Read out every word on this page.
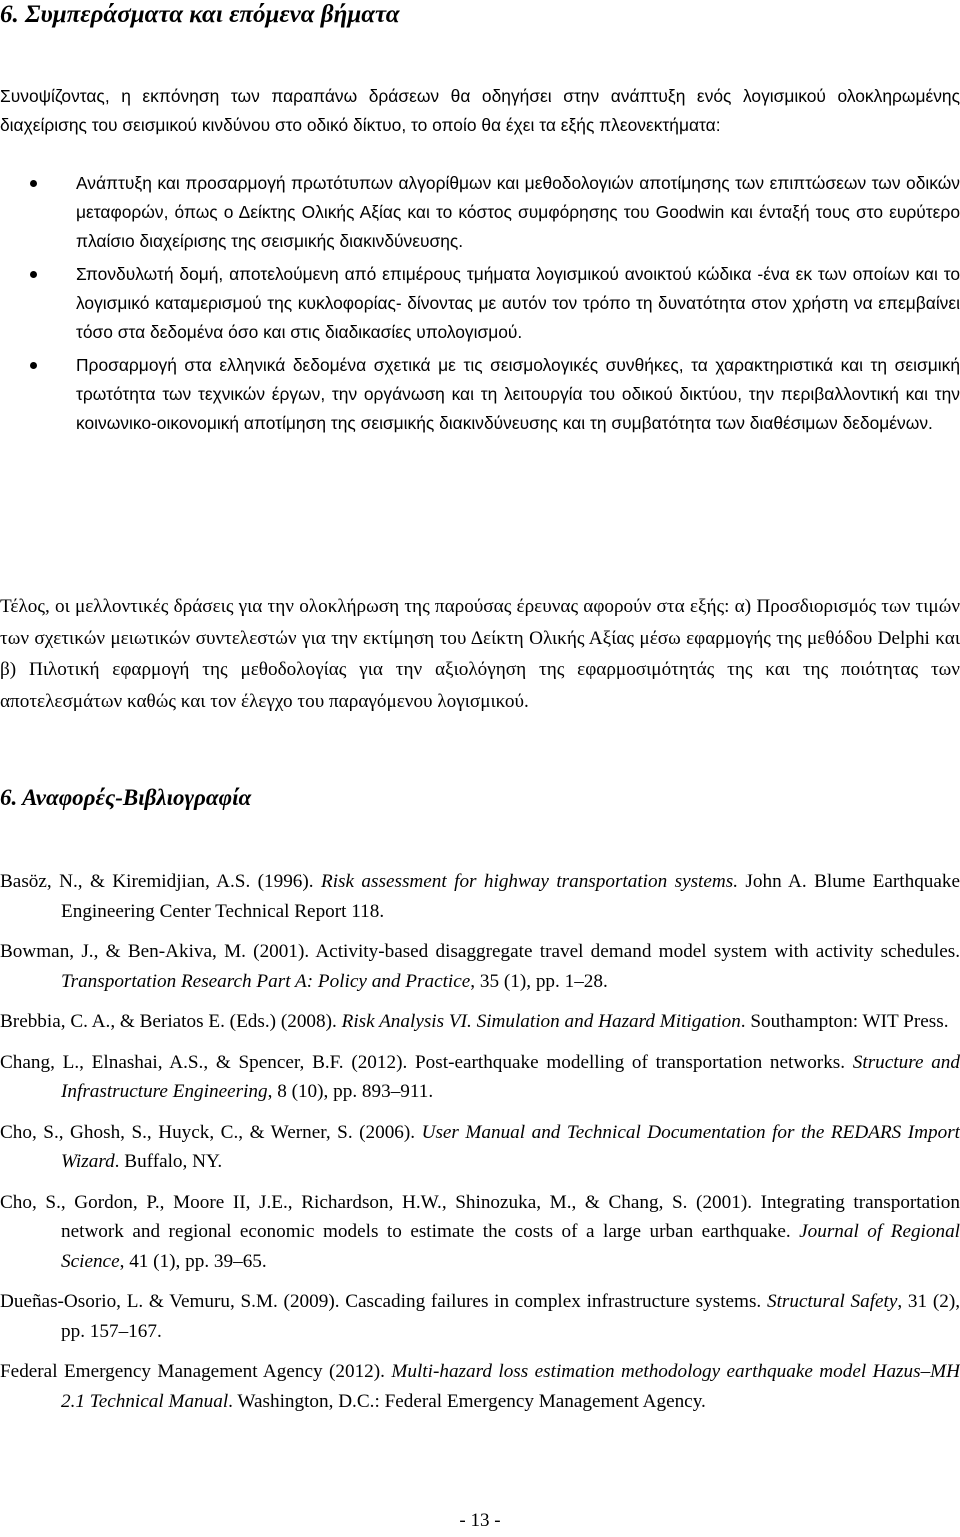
6. Συμπεράσματα και επόμενα βήματα

Συνοψίζοντας, η εκπόνηση των παραπάνω δράσεων θα οδηγήσει στην ανάπτυξη ενός λογισμικού ολοκληρωμένης διαχείρισης του σεισμικού κινδύνου στο οδικό δίκτυο, το οποίο θα έχει τα εξής πλεονεκτήματα:

Ανάπτυξη και προσαρμογή πρωτότυπων αλγορίθμων και μεθοδολογιών αποτίμησης των επιπτώσεων των οδικών μεταφορών, όπως ο Δείκτης Ολικής Αξίας και το κόστος συμφόρησης του Goodwin και ένταξή τους στο ευρύτερο πλαίσιο διαχείρισης της σεισμικής διακινδύνευσης.
Σπονδυλωτή δομή, αποτελούμενη από επιμέρους τμήματα λογισμικού ανοικτού κώδικα -ένα εκ των οποίων και το λογισμικό καταμερισμού της κυκλοφορίας- δίνοντας με αυτόν τον τρόπο τη δυνατότητα στον χρήστη να επεμβαίνει τόσο στα δεδομένα όσο και στις διαδικασίες υπολογισμού.
Προσαρμογή στα ελληνικά δεδομένα σχετικά με τις σεισμολογικές συνθήκες, τα χαρακτηριστικά και τη σεισμική τρωτότητα των τεχνικών έργων, την οργάνωση και τη λειτουργία του οδικού δικτύου, την περιβαλλοντική και την κοινωνικο-οικονομική αποτίμηση της σεισμικής διακινδύνευσης και τη συμβατότητα των διαθέσιμων δεδομένων.

Τέλος, οι μελλοντικές δράσεις για την ολοκλήρωση της παρούσας έρευνας αφορούν στα εξής: α) Προσδιορισμός των τιμών των σχετικών μειωτικών συντελεστών για την εκτίμηση του Δείκτη Ολικής Αξίας μέσω εφαρμογής της μεθόδου Delphi και β) Πιλοτική εφαρμογή της μεθοδολογίας για την αξιολόγηση της εφαρμοσιμότητάς της και της ποιότητας των αποτελεσμάτων καθώς και τον έλεγχο του παραγόμενου λογισμικού.

6. Αναφορές-Βιβλιογραφία

Basöz, N., & Kiremidjian, A.S. (1996). Risk assessment for highway transportation systems. John A. Blume Earthquake Engineering Center Technical Report 118.

Bowman, J., & Ben-Akiva, M. (2001). Activity-based disaggregate travel demand model system with activity schedules. Transportation Research Part A: Policy and Practice, 35 (1), pp. 1–28.

Brebbia, C. A., & Beriatos E. (Eds.) (2008). Risk Analysis VI. Simulation and Hazard Mitigation. Southampton: WIT Press.

Chang, L., Elnashai, A.S., & Spencer, B.F. (2012). Post-earthquake modelling of transportation networks. Structure and Infrastructure Engineering, 8 (10), pp. 893–911.

Cho, S., Ghosh, S., Huyck, C., & Werner, S. (2006). User Manual and Technical Documentation for the REDARS Import Wizard. Buffalo, NY.

Cho, S., Gordon, P., Moore II, J.E., Richardson, H.W., Shinozuka, M., & Chang, S. (2001). Integrating transportation network and regional economic models to estimate the costs of a large urban earthquake. Journal of Regional Science, 41 (1), pp. 39–65.

Dueñas-Osorio, L. & Vemuru, S.M. (2009). Cascading failures in complex infrastructure systems. Structural Safety, 31 (2), pp. 157–167.

Federal Emergency Management Agency (2012). Multi-hazard loss estimation methodology earthquake model Hazus–MH 2.1 Technical Manual. Washington, D.C.: Federal Emergency Management Agency.

- 13 -
